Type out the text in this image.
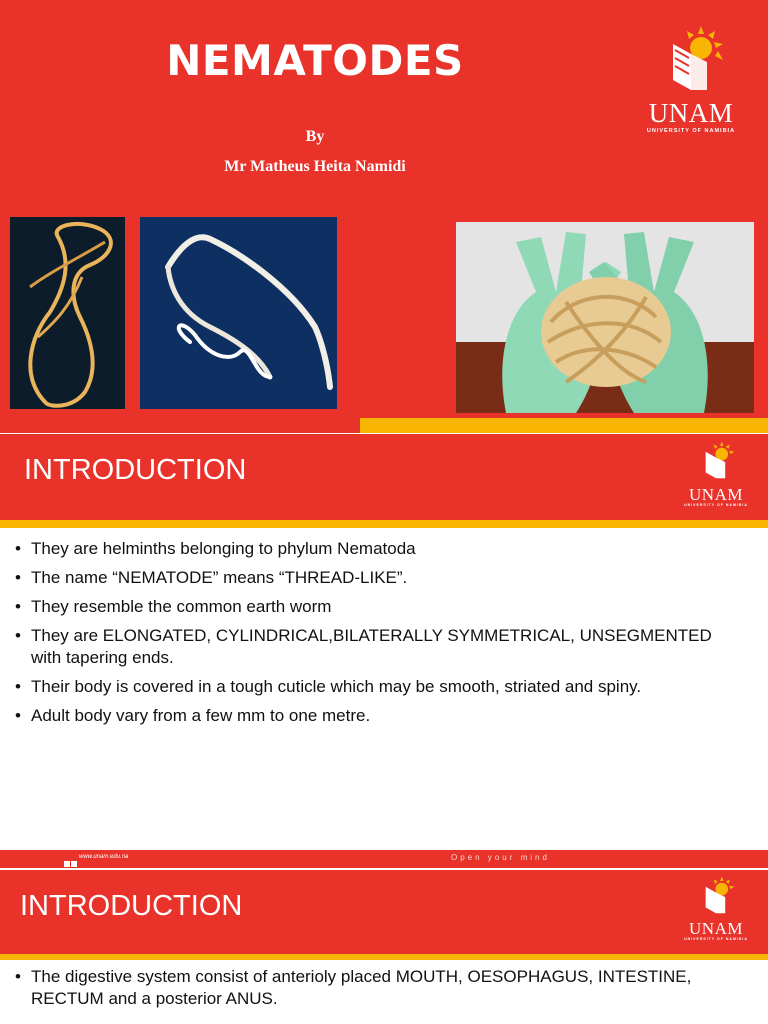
NEMATODES
By
Mr Matheus Heita Namidi
UNAM
UNIVERSITY OF NAMIBIA
INTRODUCTION
UNAM
UNIVERSITY OF NAMIBIA
• They are helminths belonging to phylum Nematoda
• The name “NEMATODE” means “THREAD-LIKE”.
• They resemble the common earth worm
• They are ELONGATED, CYLINDRICAL,BILATERALLY SYMMETRICAL, UNSEGMENTED with tapering ends.
• Their body is covered in a tough cuticle which may be smooth, striated and spiny.
• Adult body vary from a few mm to one metre.
www.unam.edu.na	Open your mind
INTRODUCTION
UNAM
UNIVERSITY OF NAMIBIA
• The digestive system consist of anterioly placed MOUTH, OESOPHAGUS, INTESTINE, RECTUM and a posterior ANUS.
